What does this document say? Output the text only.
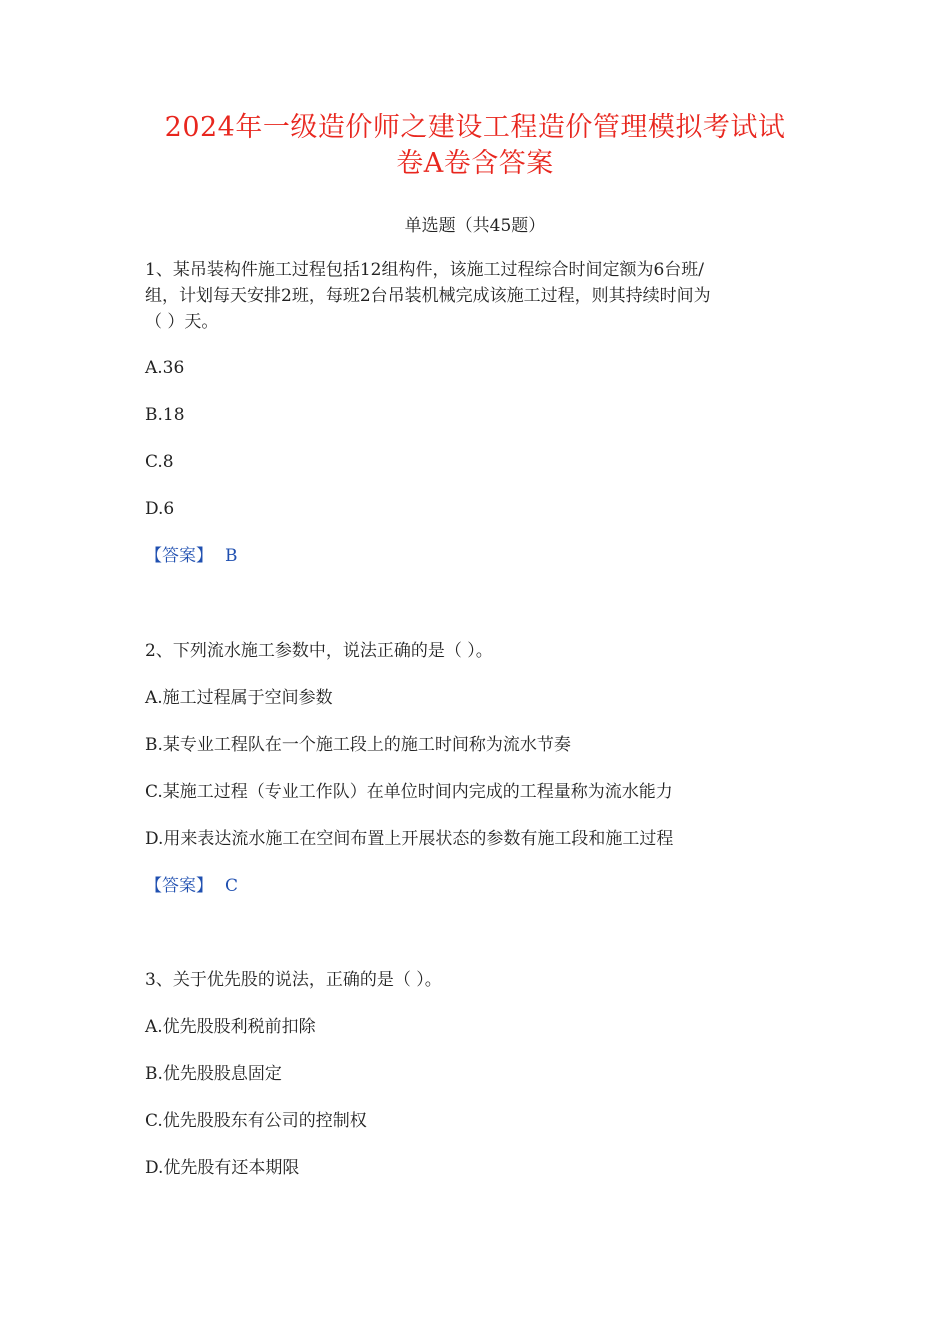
2024年一级造价师之建设工程造价管理模拟考试试
卷A卷含答案
单选题（共45题）
1、某吊装构件施工过程包括12组构件，该施工过程综合时间定额为6台班/
组，计划每天安排2班，每班2台吊装机械完成该施工过程，则其持续时间为
（ ）天。
A.36
B.18
C.8
D.6
【答案】 B
2、下列流水施工参数中，说法正确的是（ ）。
A.施工过程属于空间参数
B.某专业工程队在一个施工段上的施工时间称为流水节奏
C.某施工过程（专业工作队）在单位时间内完成的工程量称为流水能力
D.用来表达流水施工在空间布置上开展状态的参数有施工段和施工过程
【答案】 C
3、关于优先股的说法，正确的是（ ）。
A.优先股股利税前扣除
B.优先股股息固定
C.优先股股东有公司的控制权
D.优先股有还本期限
